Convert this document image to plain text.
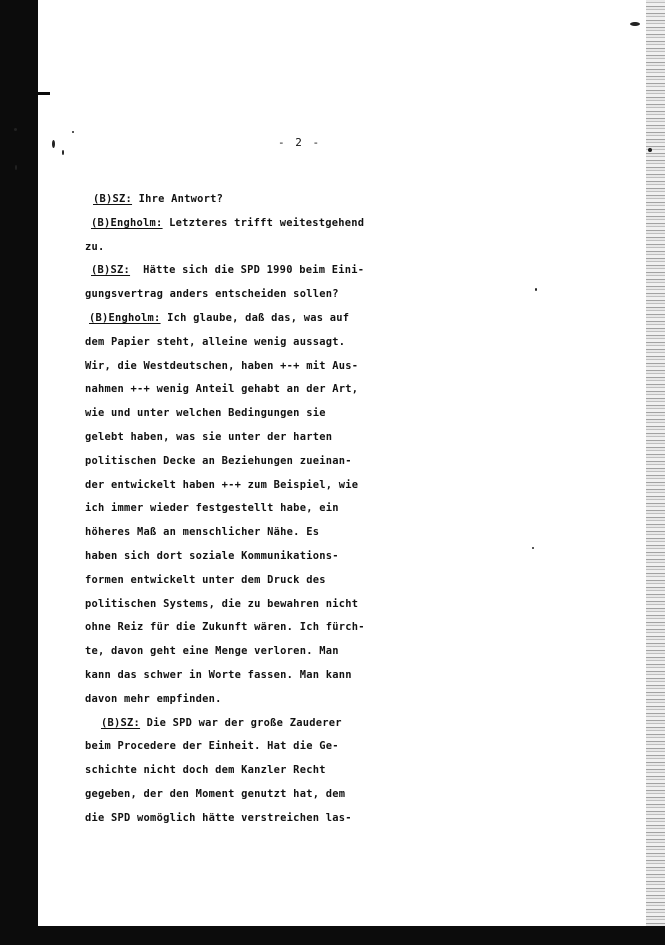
- 2 -
(B)SZ: Ihre Antwort?
(B)Engholm: Letzteres trifft weitestgehend
zu.
(B)SZ: Hätte sich die SPD 1990 beim Eini-
gungsvertrag anders entscheiden sollen?
(B)Engholm: Ich glaube, daß das, was auf
dem Papier steht, alleine wenig aussagt.
Wir, die Westdeutschen, haben +-+ mit Aus-
nahmen +-+ wenig Anteil gehabt an der Art,
wie und unter welchen Bedingungen sie
gelebt haben, was sie unter der harten
politischen Decke an Beziehungen zueinan-
der entwickelt haben +-+ zum Beispiel, wie
ich immer wieder festgestellt habe, ein
höheres Maß an menschlicher Nähe. Es
haben sich dort soziale Kommunikations-
formen entwickelt unter dem Druck des
politischen Systems, die zu bewahren nicht
ohne Reiz für die Zukunft wären. Ich fürch-
te, davon geht eine Menge verloren. Man
kann das schwer in Worte fassen. Man kann
davon mehr empfinden.
(B)SZ: Die SPD war der große Zauderer
beim Procedere der Einheit. Hat die Ge-
schichte nicht doch dem Kanzler Recht
gegeben, der den Moment genutzt hat, dem
die SPD womöglich hätte verstreichen las-
